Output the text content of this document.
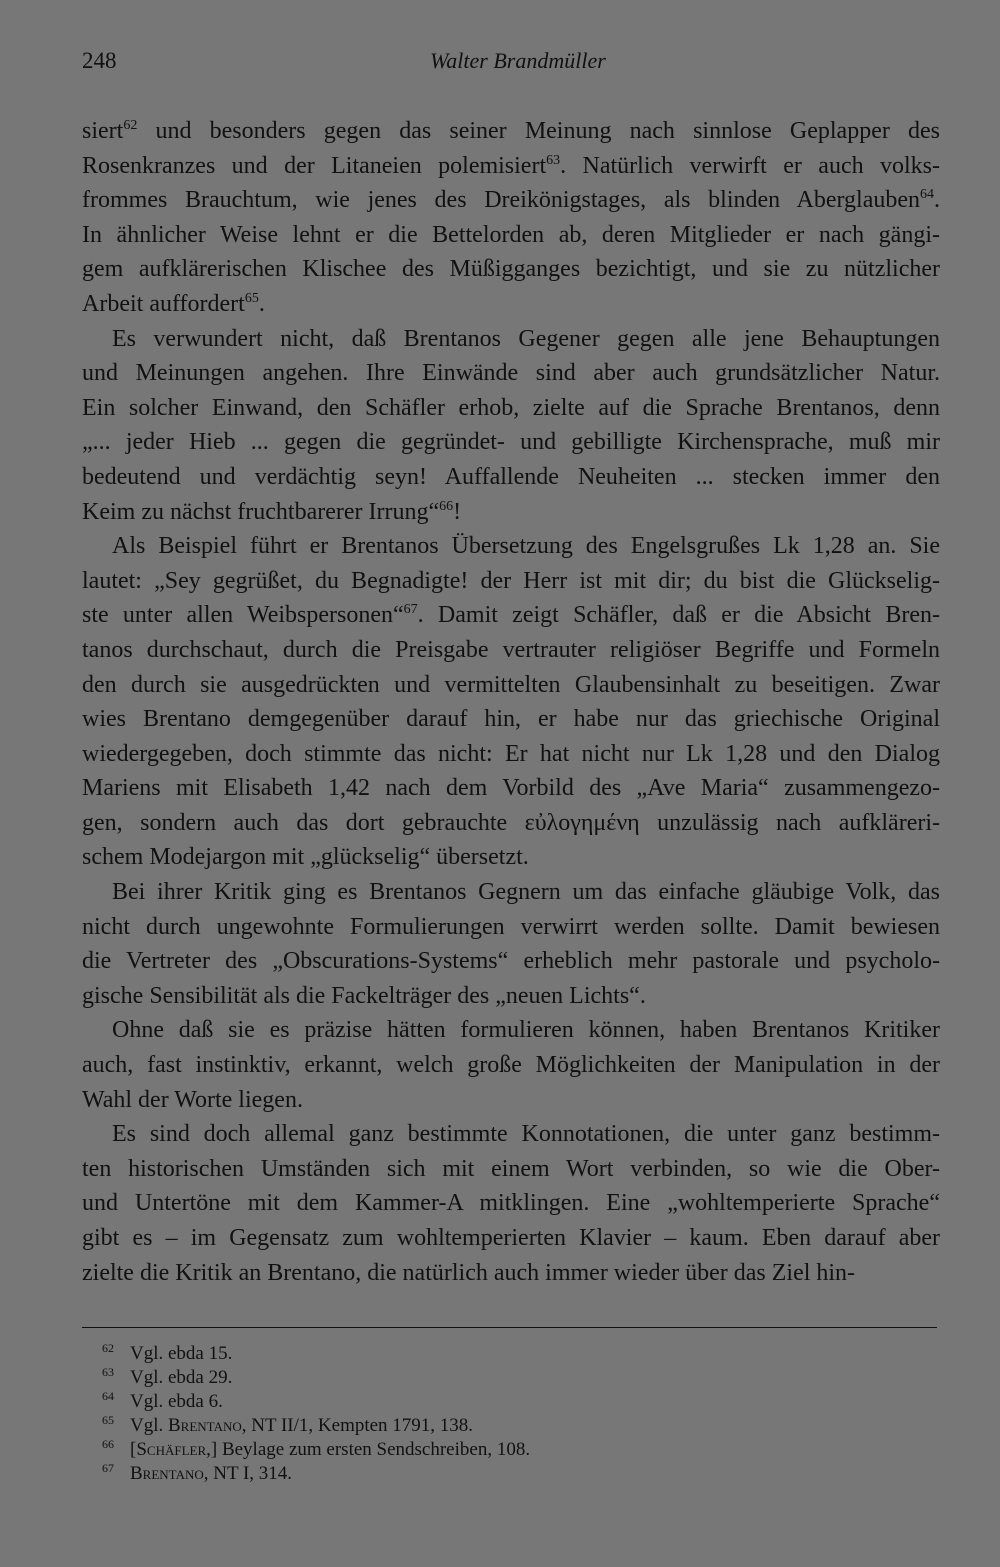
248	Walter Brandmüller
siert$^{62}$ und besonders gegen das seiner Meinung nach sinnlose Geplapper des
Rosenkranzes und der Litaneien polemisiert$^{63}$. Natürlich verwirft er auch volks-
frommes Brauchtum, wie jenes des Dreikönigstages, als blinden Aberglauben$^{64}$.
In ähnlicher Weise lehnt er die Bettelorden ab, deren Mitglieder er nach gängi-
gem aufklärerischen Klischee des Müßigganges bezichtigt, und sie zu nützlicher
Arbeit auffordert$^{65}$.
Es verwundert nicht, daß Brentanos Gegener gegen alle jene Behauptungen
und Meinungen angehen. Ihre Einwände sind aber auch grundsätzlicher Natur.
Ein solcher Einwand, den Schäfler erhob, zielte auf die Sprache Brentanos, denn
„... jeder Hieb ... gegen die gegründet- und gebilligte Kirchensprache, muß mir
bedeutend und verdächtig seyn! Auffallende Neuheiten ... stecken immer den
Keim zu nächst fruchtbarerer Irrung“$^{66}$!
Als Beispiel führt er Brentanos Übersetzung des Engelsgrußes Lk 1,28 an. Sie
lautet: „Sey gegrüßet, du Begnadigte! der Herr ist mit dir; du bist die Glückselig-
ste unter allen Weibspersonen“$^{67}$. Damit zeigt Schäfler, daß er die Absicht Bren-
tanos durchschaut, durch die Preisgabe vertrauter religiöser Begriffe und Formeln
den durch sie ausgedrückten und vermittelten Glaubensinhalt zu beseitigen. Zwar
wies Brentano demgegenüber darauf hin, er habe nur das griechische Original
wiedergegeben, doch stimmte das nicht: Er hat nicht nur Lk 1,28 und den Dialog
Mariens mit Elisabeth 1,42 nach dem Vorbild des „Ave Maria“ zusammengezo-
gen, sondern auch das dort gebrauchte εὐλογημένη unzulässig nach aufkläreri-
schem Modejargon mit „glückselig“ übersetzt.
Bei ihrer Kritik ging es Brentanos Gegnern um das einfache gläubige Volk, das
nicht durch ungewohnte Formulierungen verwirrt werden sollte. Damit bewiesen
die Vertreter des „Obscurations-Systems“ erheblich mehr pastorale und psycholo-
gische Sensibilität als die Fackelträger des „neuen Lichts“.
Ohne daß sie es präzise hätten formulieren können, haben Brentanos Kritiker
auch, fast instinktiv, erkannt, welch große Möglichkeiten der Manipulation in der
Wahl der Worte liegen.
Es sind doch allemal ganz bestimmte Konnotationen, die unter ganz bestimm-
ten historischen Umständen sich mit einem Wort verbinden, so wie die Ober-
und Untertöne mit dem Kammer-A mitklingen. Eine „wohltemperierte Sprache“
gibt es – im Gegensatz zum wohltemperierten Klavier – kaum. Eben darauf aber
zielte die Kritik an Brentano, die natürlich auch immer wieder über das Ziel hin-
62 Vgl. ebda 15.
63 Vgl. ebda 29.
64 Vgl. ebda 6.
65 Vgl. Brentano, NT II/1, Kempten 1791, 138.
66 [Schäfler,] Beylage zum ersten Sendschreiben, 108.
67 Brentano, NT I, 314.
